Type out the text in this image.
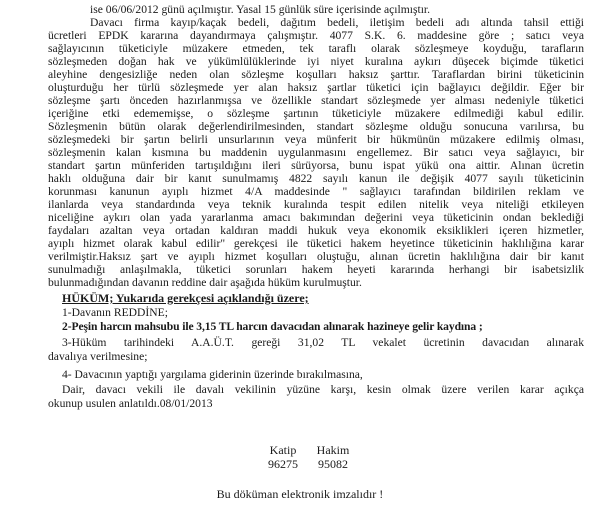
ise 06/06/2012 günü açılmıştır. Yasal 15 günlük süre içerisinde açılmıştır.
Davacı firma kayıp/kaçak bedeli, dağıtım bedeli, iletişim bedeli adı altında tahsil ettiği
ücretleri EPDK kararına dayandırmaya çalışmıştır. 4077 S.K. 6. maddesine göre ; satıcı veya
sağlayıcının tüketiciyle müzakere etmeden, tek taraflı olarak sözleşmeye koyduğu, tarafların
sözleşmeden doğan hak ve yükümlülüklerinde iyi niyet kuralına aykırı düşecek biçimde tüketici
aleyhine dengesizliğe neden olan sözleşme koşulları haksız şarttır. Taraflardan birini tüketicinin
oluşturduğu her türlü sözleşmede yer alan haksız şartlar tüketici için bağlayıcı değildir. Eğer bir
sözleşme şartı önceden hazırlanmışsa ve özellikle standart sözleşmede yer alması nedeniyle tüketici
içeriğine etki edememişse, o sözleşme şartının tüketiciyle müzakere edilmediği kabul edilir.
Sözleşmenin bütün olarak değerlendirilmesinden, standart sözleşme olduğu sonucuna varılırsa, bu
sözleşmedeki bir şartın belirli unsurlarının veya münferit bir hükmünün müzakere edilmiş olması,
sözleşmenin kalan kısmına bu maddenin uygulanmasını engellemez. Bir satıcı veya sağlayıcı, bir
standart şartın münferiden tartışıldığını ileri sürüyorsa, bunu ispat yükü ona aittir. Alınan ücretin
haklı olduğuna dair bir kanıt sunulmamış 4822 sayılı kanun ile değişik 4077 sayılı tüketicinin
korunması kanunun ayıplı hizmet 4/A maddesinde " sağlayıcı tarafından bildirilen reklam ve
ilanlarda veya standardında veya teknik kuralında tespit edilen nitelik veya niteliği etkileyen
niceliğine aykırı olan yada yararlanma amacı bakımından değerini veya tüketicinin ondan beklediği
faydaları azaltan veya ortadan kaldıran maddi hukuk veya ekonomik eksiklikleri içeren hizmetler,
ayıplı hizmet olarak kabul edilir" gerekçesi ile tüketici hakem heyetince tüketicinin haklılığına karar
verilmiştir.Haksız şart ve ayıplı hizmet koşulları oluştuğu, alınan ücretin haklılığına dair bir kanıt
sunulmadığı anlaşılmakla, tüketici sorunları hakem heyeti kararında herhangi bir isabetsizlik
bulunmadığından davanın reddine dair aşağıda hüküm kurulmuştur.
HÜKÜM; Yukarıda gerekçesi açıklandığı üzere;
1-Davanın REDDİNE;
2-Peşin harcın mahsubu ile 3,15 TL harcın davacıdan alınarak hazineye gelir kaydına ;
3-Hüküm tarihindeki A.A.Ü.T. gereği 31,02 TL vekalet ücretinin davacıdan alınarak
davalıya verilmesine;
4- Davacının yaptığı yargılama giderinin üzerinde bırakılmasına,
Dair, davacı vekili ile davalı vekilinin yüzüne karşı, kesin olmak üzere verilen karar açıkça
okunup usulen anlatıldı.08/01/2013
Katip
96275
Hakim
95082
Bu döküman elektronik imzalıdır !
